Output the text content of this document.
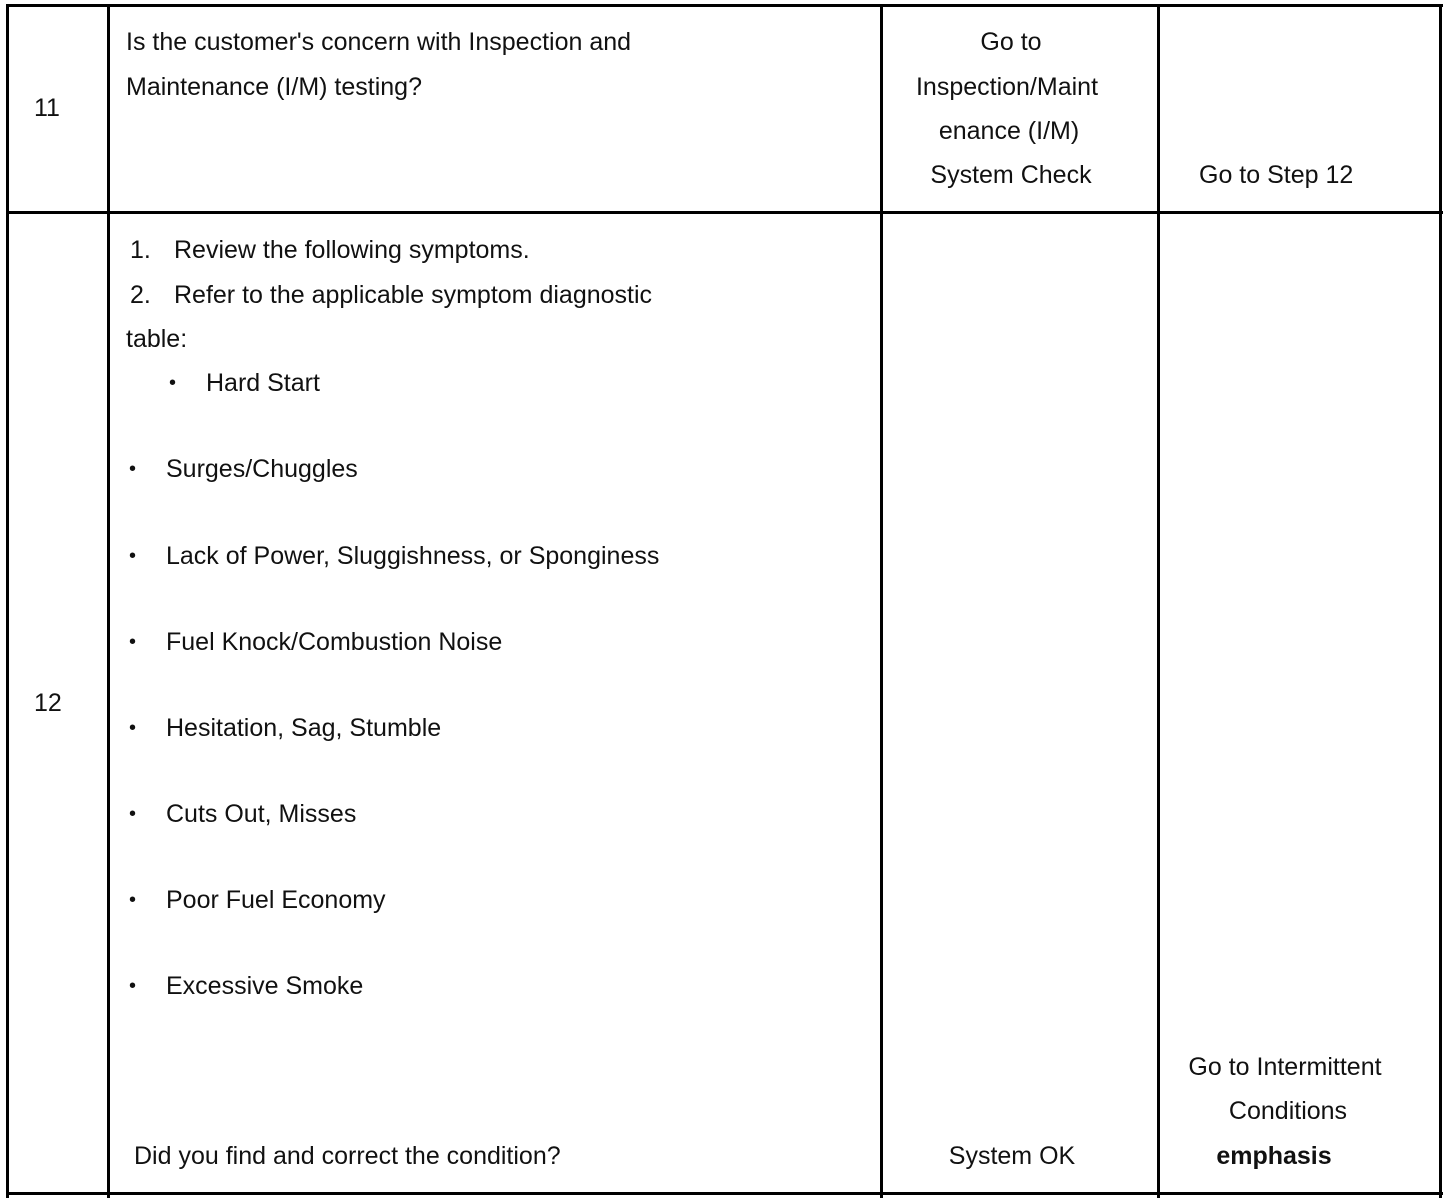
11
Is the customer's concern with Inspection and
Maintenance (I/M) testing?
Go to
Inspection/Maint
enance (I/M)
System Check	Go to Step 12
12
1. Review the following symptoms.
2. Refer to the applicable symptom diagnostic
table:
• Hard Start
• Surges/Chuggles
• Lack of Power, Sluggishness, or Sponginess
• Fuel Knock/Combustion Noise
• Hesitation, Sag, Stumble
• Cuts Out, Misses
• Poor Fuel Economy
• Excessive Smoke
Did you find and correct the condition?	System OK
Go to Intermittent
Conditions
emphasis
